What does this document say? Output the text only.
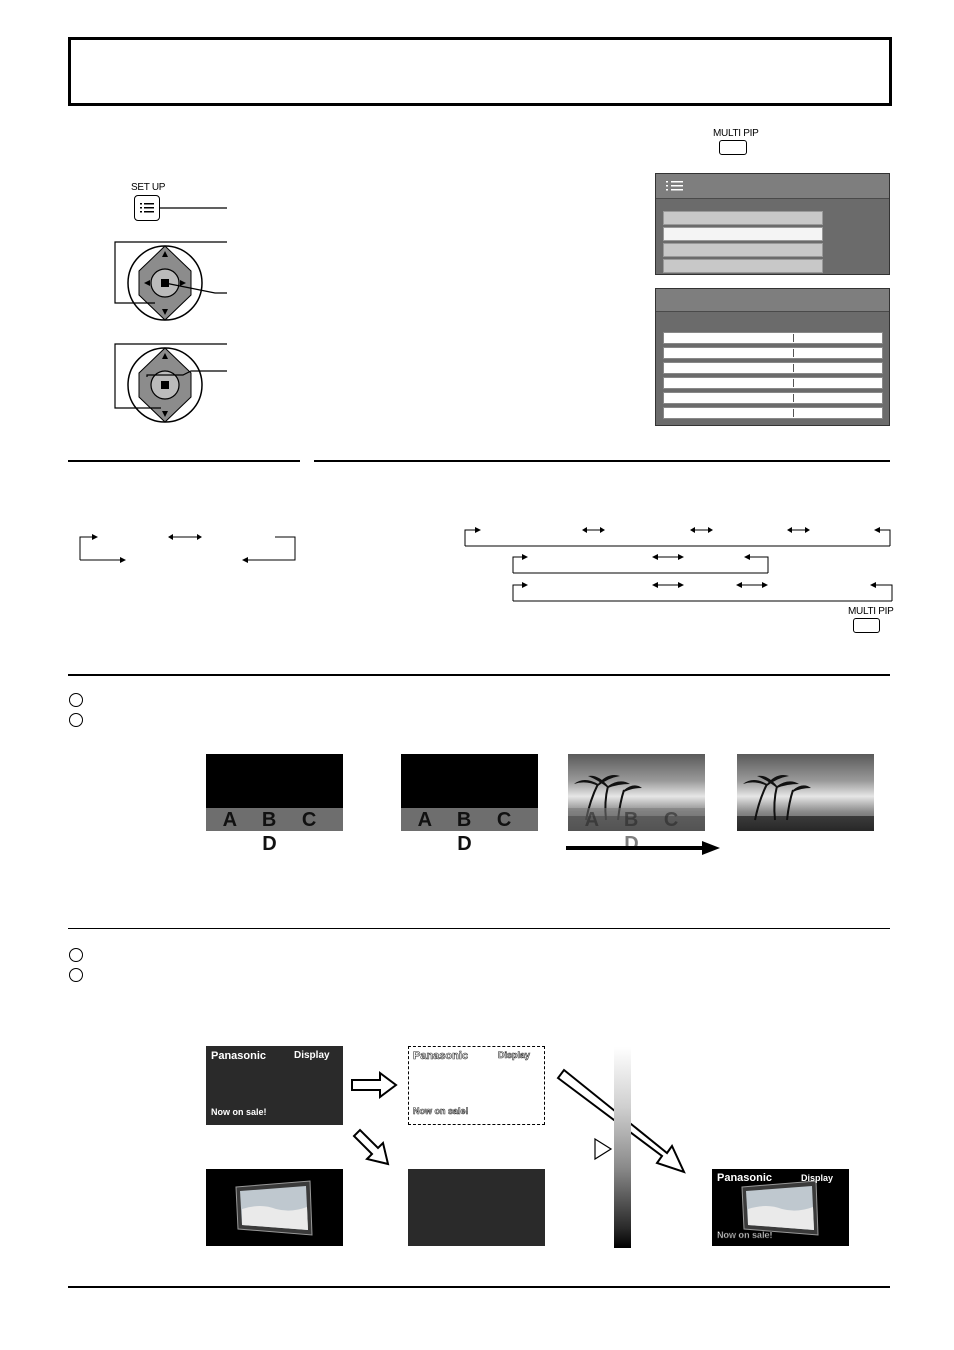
MULTI PIP
SET UP
MULTI PIP
A B C D
A B C D
A B C D
Panasonic	Display
Now on sale!
Panasonic	Display
Now on sale!
Panasonic	Display
Now on sale!
